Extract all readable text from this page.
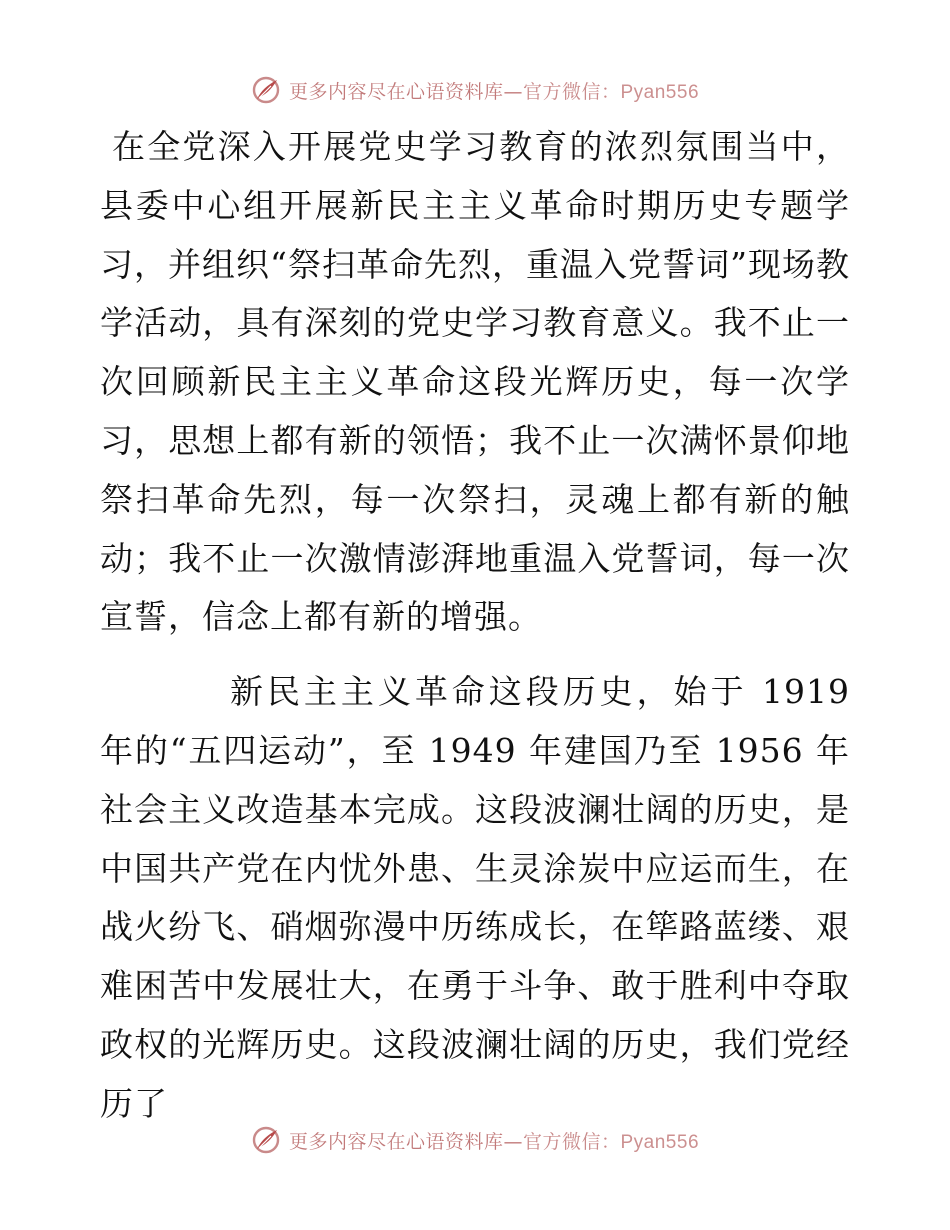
更多内容尽在心语资料库—官方微信：Pyan556

在全党深入开展党史学习教育的浓烈氛围当中，县委中心组开展新民主主义革命时期历史专题学习，并组织“祭扫革命先烈，重温入党誓词”现场教学活动，具有深刻的党史学习教育意义。我不止一次回顾新民主主义革命这段光辉历史，每一次学习，思想上都有新的领悟；我不止一次满怀景仰地祭扫革命先烈，每一次祭扫，灵魂上都有新的触动；我不止一次激情澎湃地重温入党誓词，每一次宣誓，信念上都有新的增强。

新民主主义革命这段历史，始于 1919 年的“五四运动”，至 1949 年建国乃至 1956 年社会主义改造基本完成。这段波澜壮阔的历史，是中国共产党在内忧外患、生灵涂炭中应运而生，在战火纷飞、硝烟弥漫中历练成长，在筚路蓝缕、艰难困苦中发展壮大，在勇于斗争、敢于胜利中夺取政权的光辉历史。这段波澜壮阔的历史，我们党经历了

更多内容尽在心语资料库—官方微信：Pyan556
